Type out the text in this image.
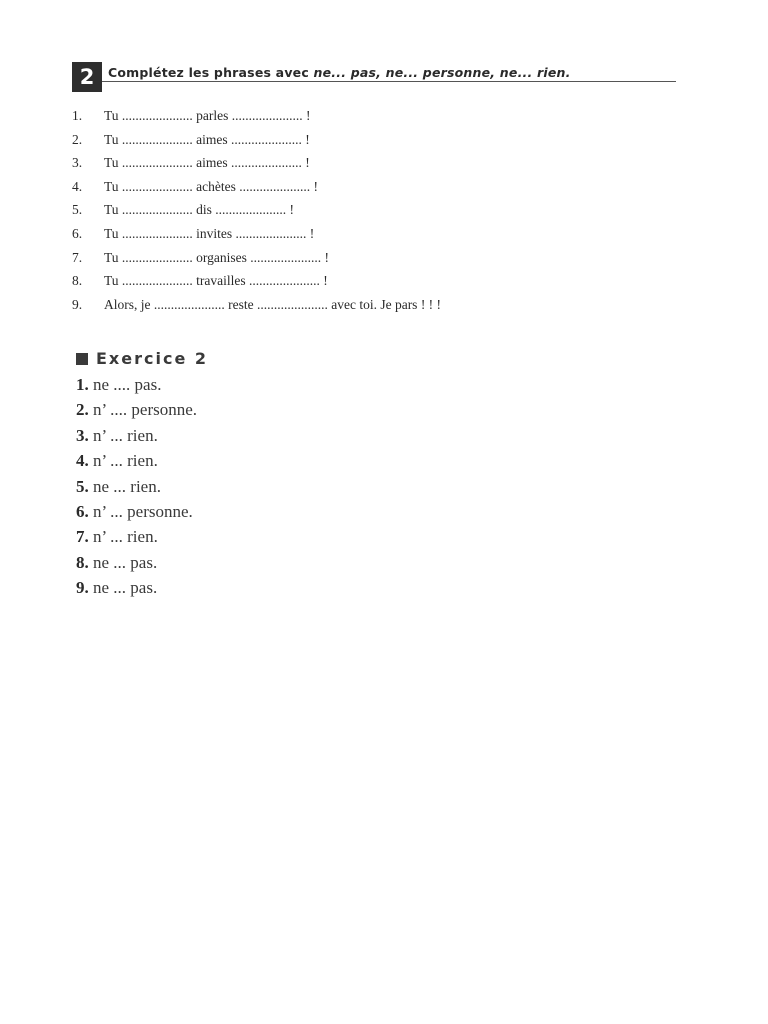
2	Complétez les phrases avec ne... pas, ne... personne, ne... rien.
1. Tu ..................... parles ..................... !
2. Tu ..................... aimes ..................... !
3. Tu ..................... aimes ..................... !
4. Tu ..................... achètes ..................... !
5. Tu ..................... dis ..................... !
6. Tu ..................... invites ..................... !
7. Tu ..................... organises ..................... !
8. Tu ..................... travailles ..................... !
9. Alors, je ..................... reste ..................... avec toi. Je pars ! ! !
Exercice 2
1. ne .... pas.
2. n’ .... personne.
3. n’ ... rien.
4. n’ ... rien.
5. ne ... rien.
6. n’ ... personne.
7. n’ ... rien.
8. ne ... pas.
9. ne ... pas.
